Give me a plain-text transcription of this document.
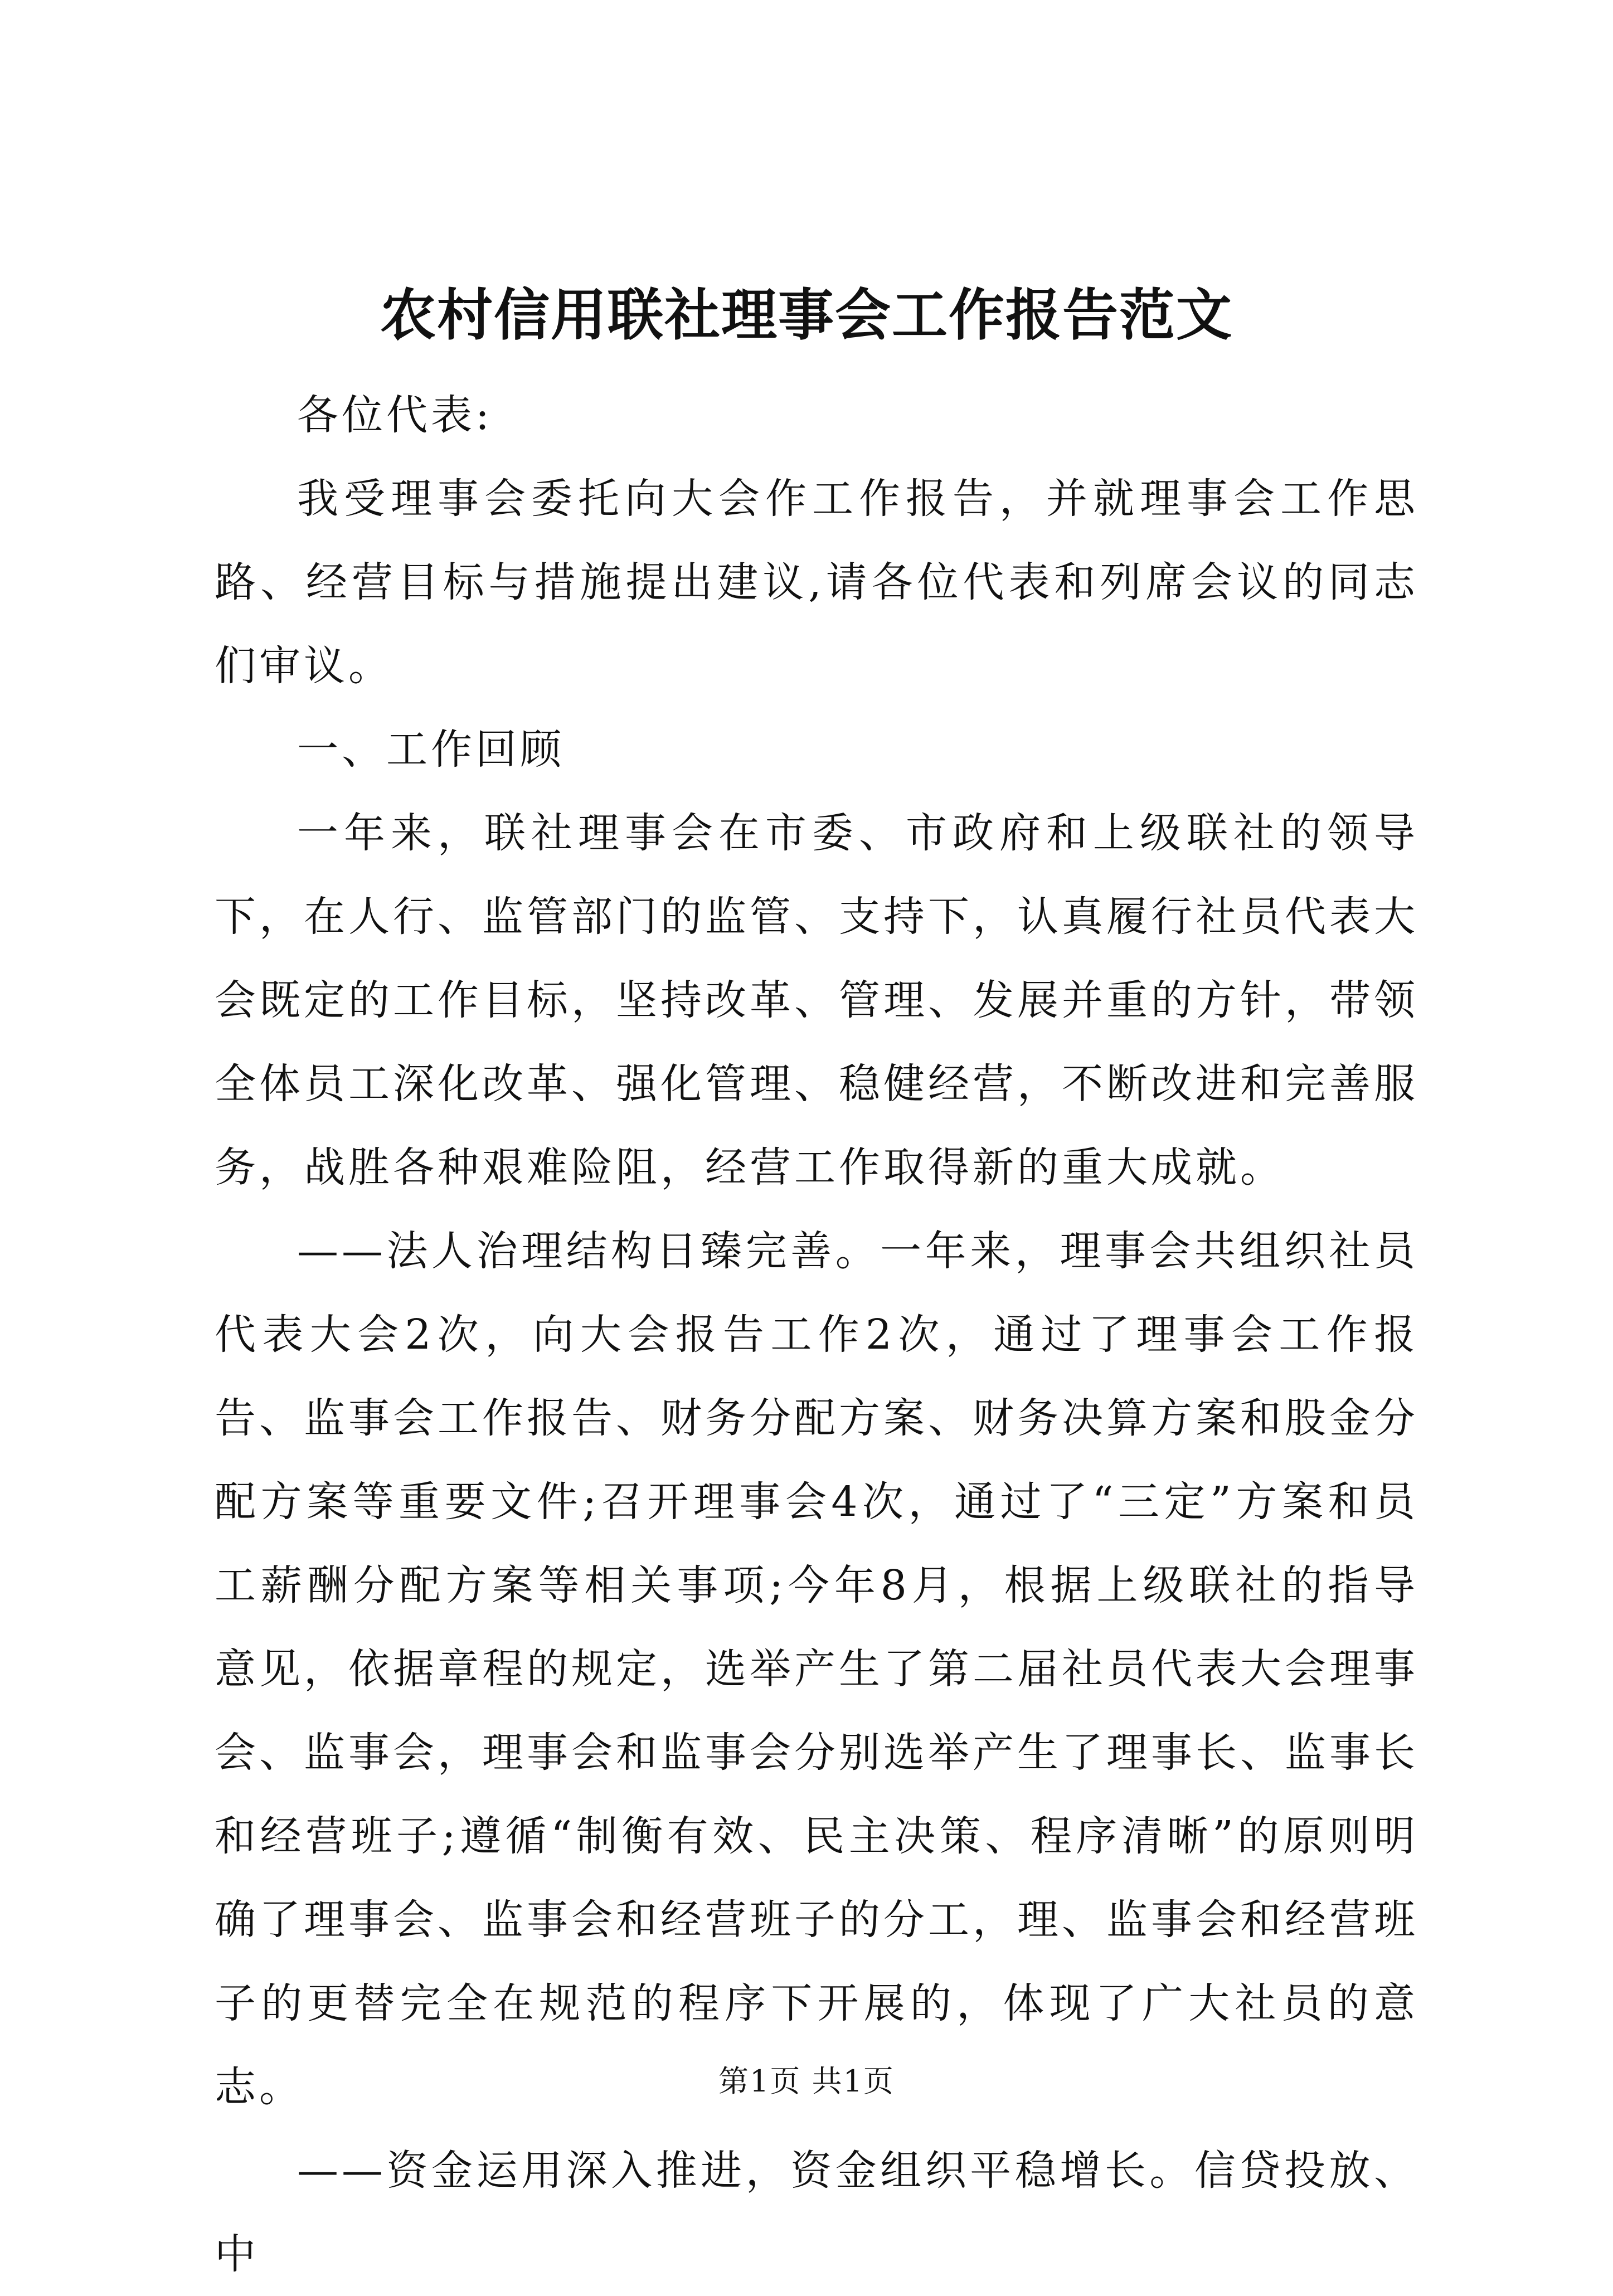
农村信用联社理事会工作报告范文

各位代表:

我受理事会委托向大会作工作报告，并就理事会工作思路、经营目标与措施提出建议,请各位代表和列席会议的同志们审议。

一、工作回顾

一年来，联社理事会在市委、市政府和上级联社的领导下，在人行、监管部门的监管、支持下，认真履行社员代表大会既定的工作目标，坚持改革、管理、发展并重的方针，带领全体员工深化改革、强化管理、稳健经营，不断改进和完善服务，战胜各种艰难险阻，经营工作取得新的重大成就。

——法人治理结构日臻完善。一年来，理事会共组织社员代表大会2次，向大会报告工作2次，通过了理事会工作报告、监事会工作报告、财务分配方案、财务决算方案和股金分配方案等重要文件;召开理事会4次，通过了“三定”方案和员工薪酬分配方案等相关事项;今年8月，根据上级联社的指导意见，依据章程的规定，选举产生了第二届社员代表大会理事会、监事会，理事会和监事会分别选举产生了理事长、监事长和经营班子;遵循“制衡有效、民主决策、程序清晰”的原则明确了理事会、监事会和经营班子的分工，理、监事会和经营班子的更替完全在规范的程序下开展的，体现了广大社员的意志。

——资金运用深入推进，资金组织平稳增长。信贷投放、中

第1页 共1页
